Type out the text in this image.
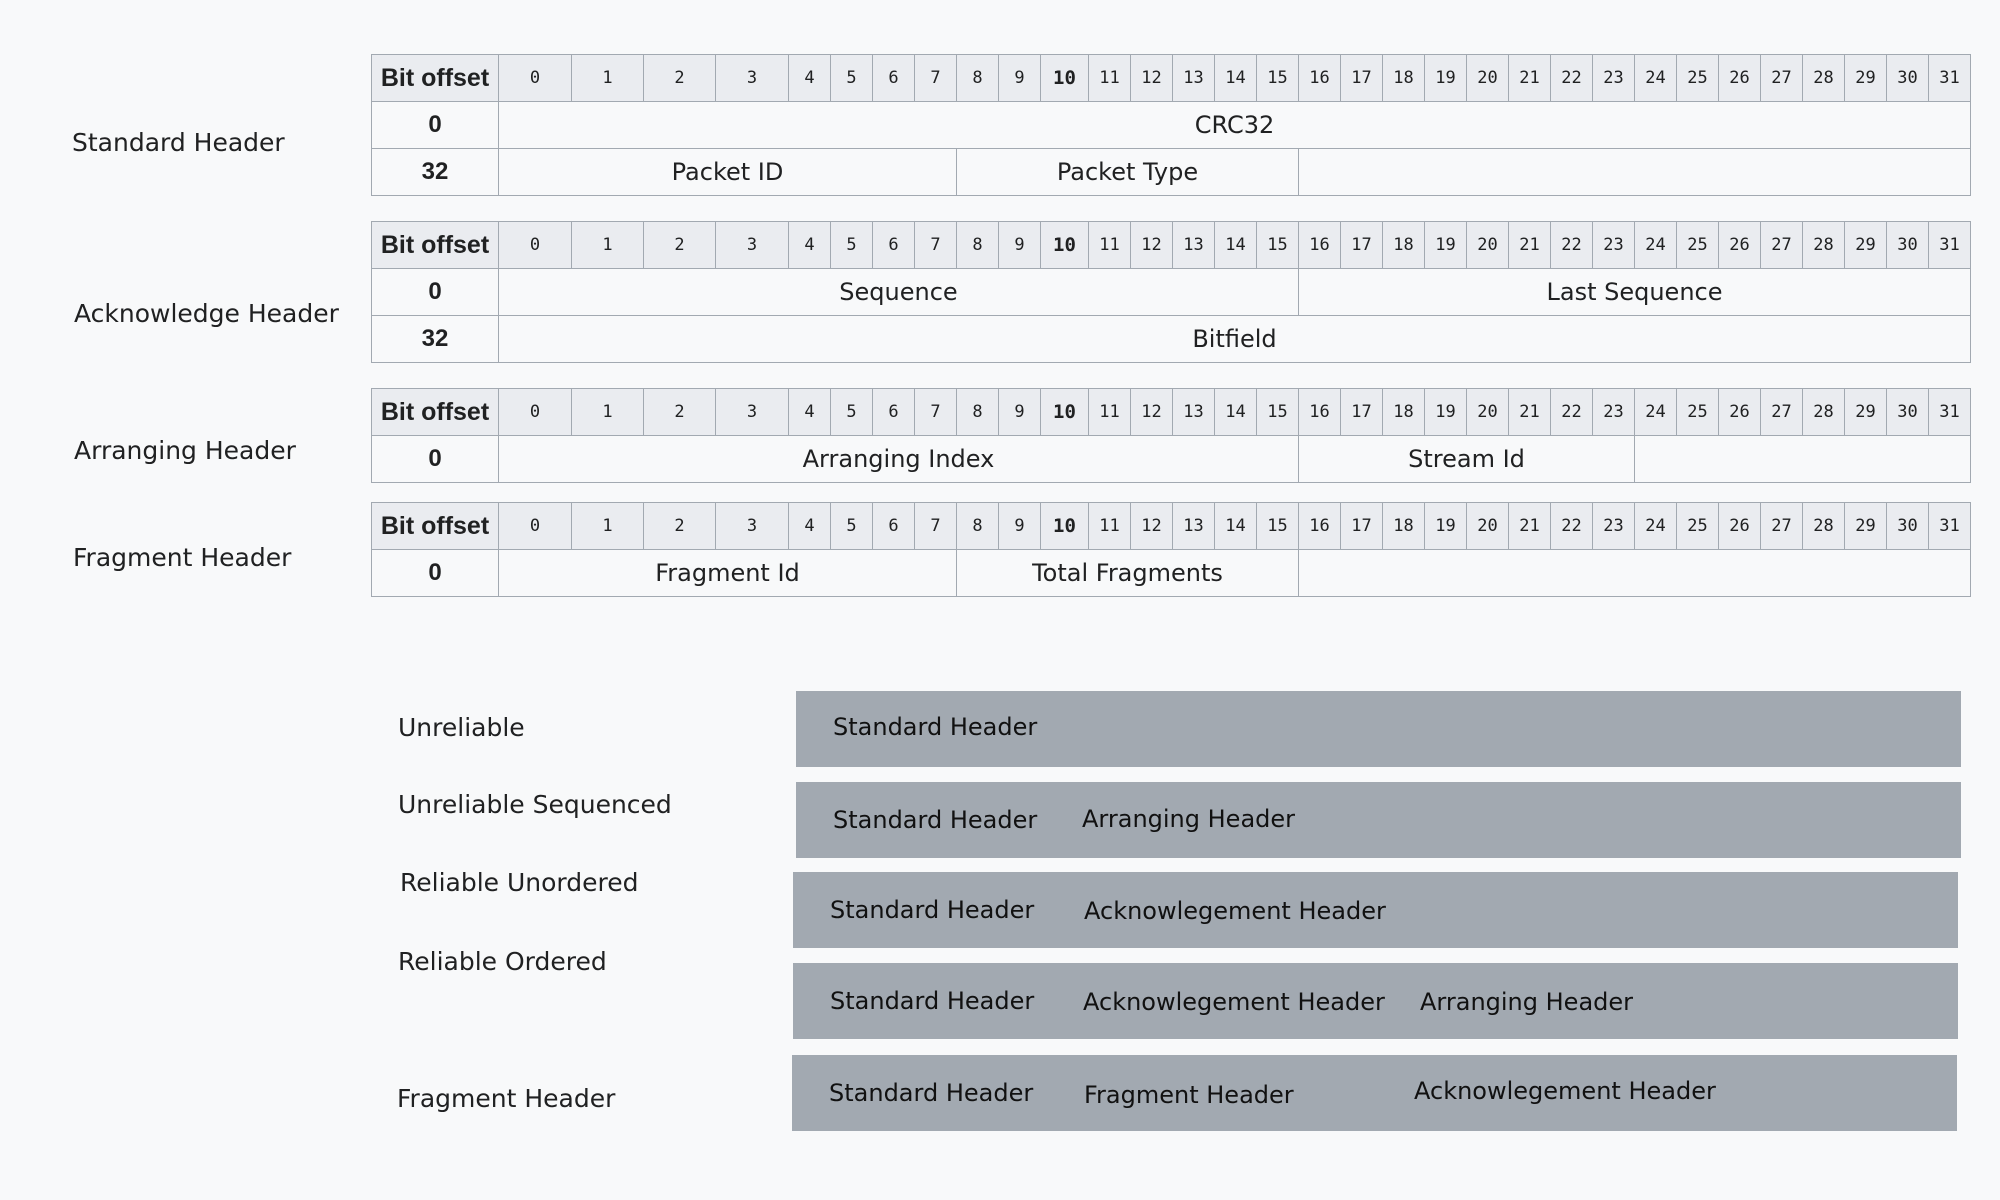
Standard Header
Bit offset	0	1	2	3	4	5	6	7	8	9	10	11	12	13	14	15	16	17	18	19	20	21	22	23	24	25	26	27	28	29	30	31
0	CRC32																															
32	Packet ID								Packet Type																							
Acknowledge Header
Bit offset	0	1	2	3	4	5	6	7	8	9	10	11	12	13	14	15	16	17	18	19	20	21	22	23	24	25	26	27	28	29	30	31
0	Sequence																Last Sequence															
32	Bitfield																															
Arranging Header
Bit offset	0	1	2	3	4	5	6	7	8	9	10	11	12	13	14	15	16	17	18	19	20	21	22	23	24	25	26	27	28	29	30	31
0	Arranging Index																Stream Id															
Fragment Header
Bit offset	0	1	2	3	4	5	6	7	8	9	10	11	12	13	14	15	16	17	18	19	20	21	22	23	24	25	26	27	28	29	30	31
0	Fragment Id								Total Fragments																							
Unreliable	Standard Header
Unreliable Sequenced
Standard Header Arranging Header
Reliable Unordered
Standard Header Acknowlegement Header
Reliable Ordered
Standard Header Acknowlegement Header Arranging Header
Fragment Header	Standard Header Fragment Header	Acknowlegement Header
